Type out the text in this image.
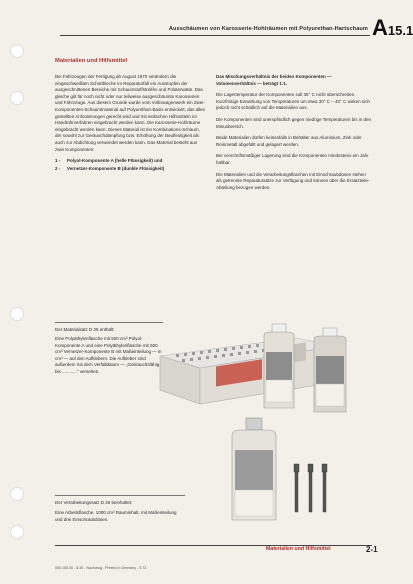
Ausschäumen von Karosserie-Hohlräumen mit Polyurethan-Hartschaum A15.1
Materialien und Hilfsmittel

Bei Fahrzeugen der Fertigung ab August 1970 verändern die eingeschweißten Schottbleche im Reparaturfall ein Ausstopfen der ausgeschnittenen Bereiche mit Schaumstoffstreifen und Polsterwatte. Das gleiche gilt für noch nicht oder nur teilweise ausgeschäumte Karosserien und Fahrzeuge. Aus diesem Grunde wurde vom Volkswagenwerk ein Zwei-Komponenten-Schaumtmaterial auf Polyurethan-Basis entwickelt, das allen gestellten Anforderungen gerecht wird und mit einfachen Hilfsmitteln im Handrührverfahren eingebracht werden kann. Die Karosserie-Hohlräume eingebracht werden kann. Dieses Material ist ein Kombinations-Schaum, der sowohl zur Geräuschdämpfung bzw. Erhöhung der Beulfestigkeit als auch zur Abdichtung verwendet werden kann. Das Material besteht aus zwei Komponenten:

1 -	Polyol-Komponente A (helle Flüssigkeit) und
2 -	Vernetzer-Komponente B (dunkle Flüssigkeit)

Das Mischungsverhältnis der beiden Komponenten — Volumenverhältnis — beträgt 1:1.

Die Lagertemperatur der Komponenten soll 35° C nicht überschreiten. Kurzfristige Einwirkung von Temperaturen um etwa 30° C – 40° C wirken sich jedoch nicht schädlich auf die Materialien aus.

Die Komponenten sind unempfindlich gegen niedrige Temperaturen bis in den Minusbereich.

Beide Materialien dürfen keinesfalls in Behälter aus Aluminium, Zink oder Reinmetall abgefüllt und gelagert werden.

Bei vorschriftsmäßiger Lagerung sind die Komponenten mindestens ein Jahr haltbar.

Die Materialien und die Verarbeitungsflaschen mit Einschraubdüsen stehen als getrennte Reparatursätze zur Verfügung und können über die Ersatzteile-Abteilung bezogen werden.

Der Materialsatz D 25 enthält:
Eine Polyäthylenflasche mit 500 cm³ Polyol-Komponente A und eine Polyäthylenflasche mit 500 cm³ Vernetzer-Komponente B mit Maßeinteilung — in cm³ — auf den Aufklebern. Die Aufkleber sind außerdem mit dem Verfalldatum — „Gebrauchsfähig bis ............“ versehen.
Der Verarbeitungssatz D 26 beinhaltet:
Eine Arbeitsflasche, 1000 cm³ Rauminhalt, mit Maßeinteilung und drei Einschraubdüsen.
Materialien und Hilfsmittel	2-1
000.155.00 - 8.30 - Nachdrug - Printed in Germany - 5.73
